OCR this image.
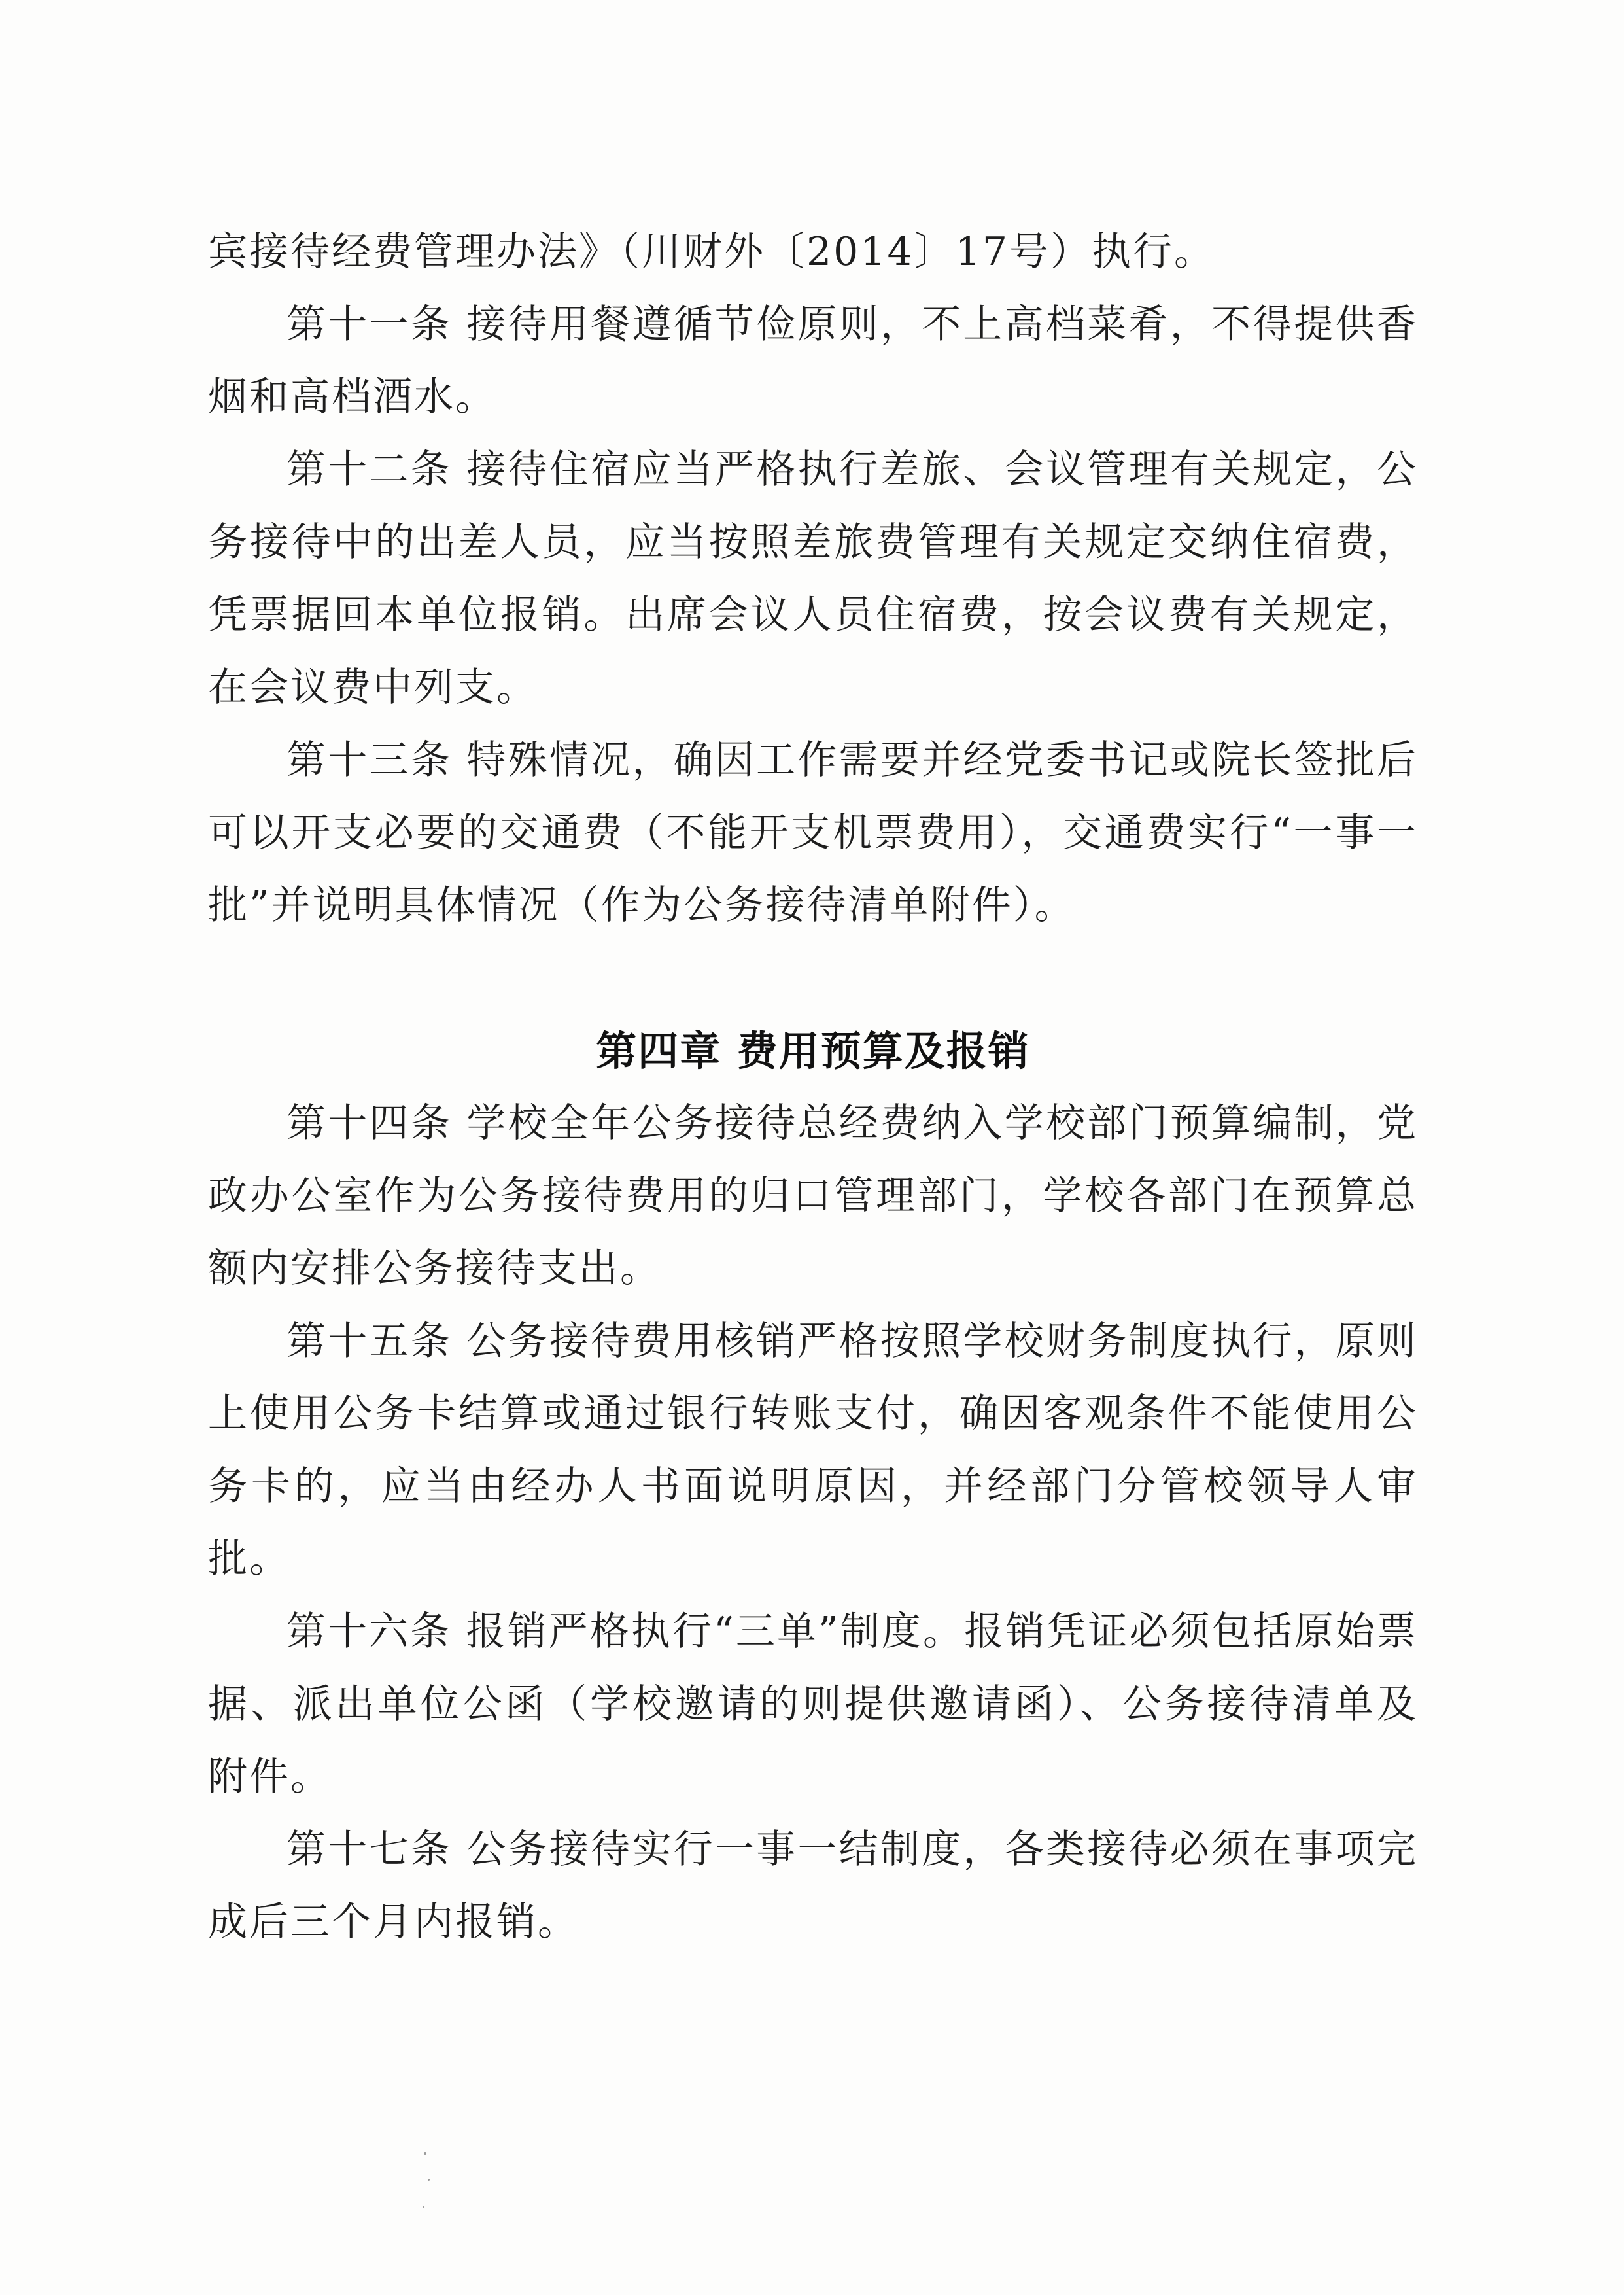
宾接待经费管理办法》（川财外〔2014〕17号）执行。

第十一条 接待用餐遵循节俭原则，不上高档菜肴，不得提供香烟和高档酒水。

第十二条 接待住宿应当严格执行差旅、会议管理有关规定，公务接待中的出差人员，应当按照差旅费管理有关规定交纳住宿费，凭票据回本单位报销。出席会议人员住宿费，按会议费有关规定，在会议费中列支。

第十三条 特殊情况，确因工作需要并经党委书记或院长签批后可以开支必要的交通费（不能开支机票费用），交通费实行“一事一批”并说明具体情况（作为公务接待清单附件）。

第四章 费用预算及报销

第十四条 学校全年公务接待总经费纳入学校部门预算编制，党政办公室作为公务接待费用的归口管理部门，学校各部门在预算总额内安排公务接待支出。

第十五条 公务接待费用核销严格按照学校财务制度执行，原则上使用公务卡结算或通过银行转账支付，确因客观条件不能使用公务卡的，应当由经办人书面说明原因，并经部门分管校领导人审批。

第十六条 报销严格执行“三单”制度。报销凭证必须包括原始票据、派出单位公函（学校邀请的则提供邀请函）、公务接待清单及附件。

第十七条 公务接待实行一事一结制度，各类接待必须在事项完成后三个月内报销。
